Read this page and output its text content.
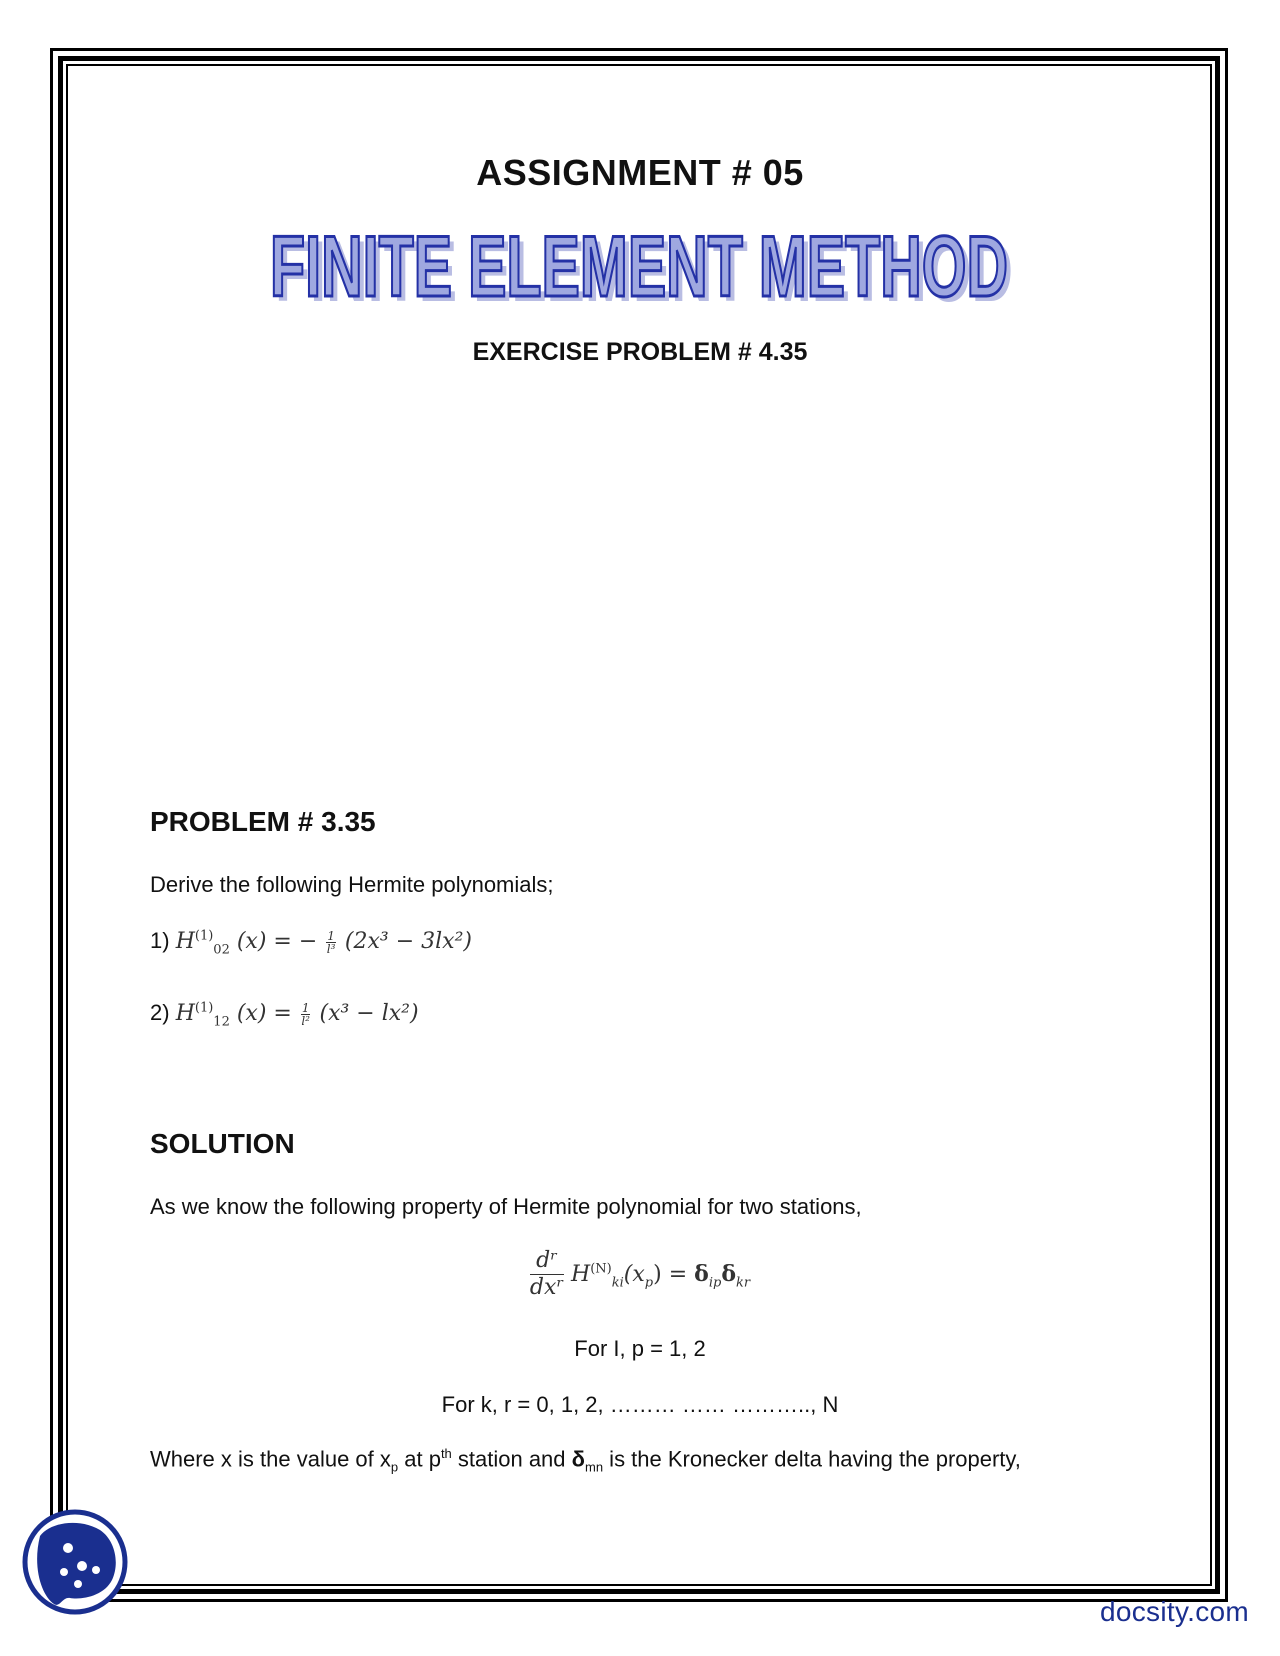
ASSIGNMENT # 05
FINITE ELEMENT METHOD
FINITE ELEMENT METHOD
EXERCISE PROBLEM # 4.35
PROBLEM # 3.35
Derive the following Hermite polynomials;
1) $H^{(1)}_{02}$ (x) = − $\frac{1}{\text{l³}} (2x^3 - 3lx^2)$
2) $H^{(1)}_{12}$ $(x) = \frac{1}{\text{l²}} (x^3 - lx^2)$
SOLUTION
As we know the following property of Hermite polynomial for two stations,
$\frac{\text{dʳ}}{\text{dxʳ}} H^{(N)}_{ki}(x_p) = \delta_{ip}\delta_{kr}$
For I, p = 1, 2
For k, r = 0, 1, 2, ……… …… ……….., N
Where x is the value of $x_p$ at $p^{th}$ station and $\delta_{mn}$ is the Kronecker delta having the property,
docsity.com
